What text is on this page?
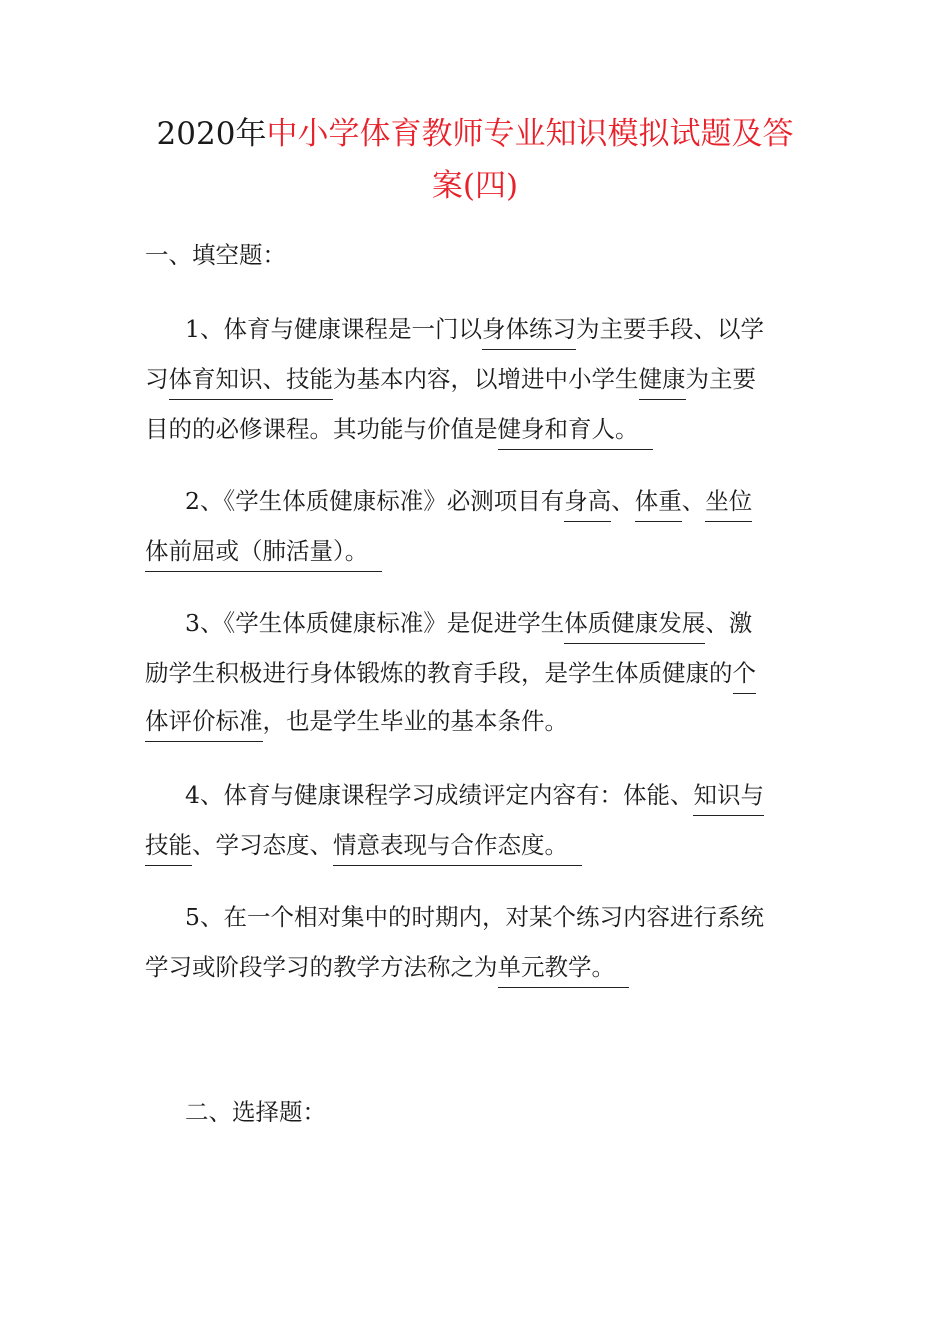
2020年中小学体育教师专业知识模拟试题及答
案(四)
一、填空题：
1、体育与健康课程是一门以身体练习为主要手段、以学
习体育知识、技能为基本内容，以增进中小学生健康为主要
目的的必修课程。其功能与价值是健身和育人。
2、《学生体质健康标准》必测项目有身高、体重、坐位
体前屈或（肺活量）。
3、《学生体质健康标准》是促进学生体质健康发展、激
励学生积极进行身体锻炼的教育手段，是学生体质健康的个
体评价标准，也是学生毕业的基本条件。
4、体育与健康课程学习成绩评定内容有：体能、知识与
技能、学习态度、情意表现与合作态度。
5、在一个相对集中的时期内，对某个练习内容进行系统
学习或阶段学习的教学方法称之为单元教学。
二、选择题：
